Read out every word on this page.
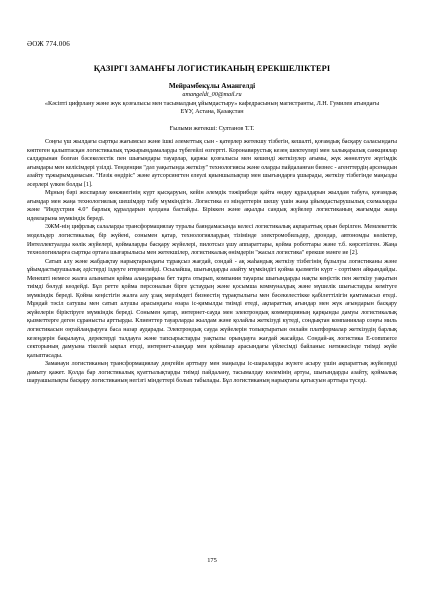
ӘОЖ 774.006
ҚАЗІРГІ ЗАМАНҒЫ ЛОГИСТИКАНЫҢ ЕРЕКШЕЛІКТЕРІ
Мейрамбекұлы Амангелді
amangeldi_00@mail.ru
«Кәсіпті цифрлану және жүк қозғалысы мен тасымалдың ұйымдастыру» кафедрасының магистранты, Л.Н. Гумилев атындағы ЕҰУ, Астана, Қазақстан
Ғылыми жетекші: Султанов Т.Т.

Соңғы үш жылдағы сыртқы жағымсыз және ішкі әлеметтық сын - қатерлер жетекшу тізбегін, кешалті, қоғамдық басқару саласындағы көптеген қалыптасқан логистикалық тұжырымдамаларды түбегейлі өзгертті. Коронавирустық кезең шектеулері мен халықаралық санкциялар салдарынан болған бәсекелестік пен шығындары тауарлар, қаржы қозғалысы мен кешенді жеткізулер ағымы, жүк жөнелтуге жүгімдік ағымдары мен келісімдері үзілді. Тенденция "дәл уақытында жеткізу" технологиясы және оларды пайдаланған бизнес - агенттердің арсенадын азайту тұжырымдамасын. "Нәзік өндіріс" және аутсорсингтен елеулі қиыншылықтар мен шығындарға ұшырады, жеткізу тізбегінде маңызды әсерлері үлкен болды [1].

Мұның бәрі жоспарлау көкжиегінің күрт қысқаруын, кейін әлемдік тәжірибеде қайта өндеу құралдарын жылдам табуға, қоғамдық ағымдар мен жаңа технологиялық шешімдер табу мүмкіндігін. Логистика ез міндеттерін шешу үшін жаңа ұйымдастырушылық схемаларды және "Индустрия 4.0" барлық құралдарын қолдана бастайды. Біріккен және ақылды сандық жүйелер логистиканың жағымды жаңа идеяларына мүмкіндік береді.

ЭЖМ-нің цифрлық салаларды трансформациялау туралы баяндамасында келесі логистикалық ақпараттық орын берілген. Мемлекеттік модельдер логистикалық бір жүйені, сонымен қатар, технологиялардың тізімінде электромобильдер, дрондар, автономды көліктер, Интеллектуалды көлік жүйелері, қоймаларды басқару жүйелері, пилотсыз ұшу аппараттары, қойма роботтары және т.б. көрсетілген. Жаңа технологияларға сыртқы ортаға шығарылысы мен жетекшілер, логистикалық өнімдерін "жасыл логистика" ерекше мәнге ие [2].

Сатып алу және жабдықтау нарықтарындағы тұрақсыз жағдай, сондай - ақ жаһандық жеткізу тізбегінің бұзылуы логистиканы және ұйымдастырушылық әдістерді іздеуге итермелейді. Осылайша, шығындарды азайту мүмкіндігі қойма қызметін күрт - сортімен айқындайды. Менешті немесе жалға алынатын қойма алаңдарына бет тарта отырып, компания тауарлы шығындарды нақты кеңістік пен жеткізу уақытын тиімді бөлуді көздейді. Бұл ретте қойма персоналын бірге ұстаудың және қосымша коммуналдық және мүшелік шығыстарды кемітуге мүмкіндік береді. Қойма кеңістігін жалға алу ұзақ мерзімдегі бизнестің тұрақтылығы мен бәсекелестікке қабілеттілігін қамтамасыз етеді. Мұндай тәсіл сатушы мен сатып алушы арасындағы өзара іс-қимылды тиімді етеді, ақпараттық ағындар мен жүк ағындарын басқару жүйелерін біріктіруге мүмкіндік береді. Сонымен қатар, интернет-сауда мен электрондық коммерцияның қарқынды дамуы логистикалық қызметтерге деген сұранысты арттырды. Клиенттер тауарларды жылдам және қолайлы жеткізуді күтеді, сондықтан компаниялар соңғы миль логистикасын оңтайландыруға баса назар аударады. Электрондық сауда жүйелерін толықтыратын онлайн платформалар жеткізудің барлық кезеңдерін бақылауға, деректерді талдауға және тапсырыстарды уақтылы орындауға жағдай жасайды. Сондай-ақ логистика E-commerce секторының дамуына тікелей ықпал етеді, интернет-алаңдар мен қоймалар арасындағы үйлесімді байланыс нәтижесінде тиімді жүйе қалыптасады.

Заманауи логистиканың трансформациялау деңгейін арттыру мен маңызды іс-шараларды жүзеге асыру үшін ақпараттық жүйелерді дамыту қажет. Қолда бар логистикалық қуаттылықтарды тиімді пайдалану, тасымалдау көлемінің артуы, шығындарды азайту, қоймалық шаруашылықты басқару логистиканың негізгі міндеттері болып табылады. Бұл логистиканың нарықтағы қатысуын арттыра түседі.

175
